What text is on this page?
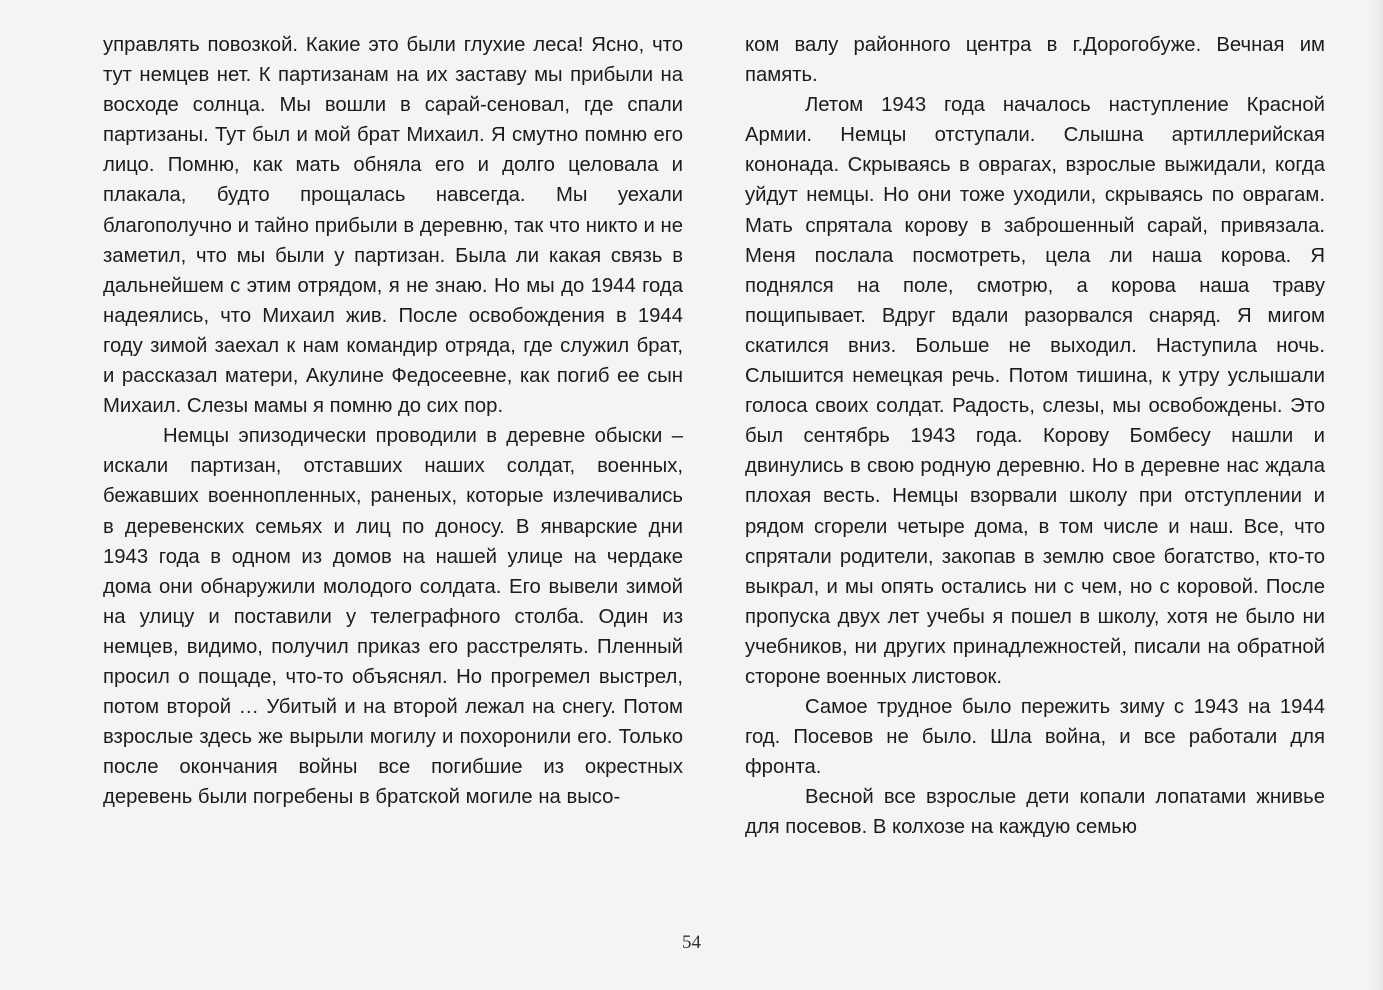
управлять повозкой. Какие это были глухие леса! Ясно, что тут немцев нет. К партизанам на их заставу мы прибыли на восходе солнца. Мы вошли в сарай-сеновал, где спали партизаны. Тут был и мой брат Михаил. Я смутно помню его лицо. Помню, как мать обняла его и долго целовала и плакала, будто прощалась навсегда. Мы уехали благополучно и тайно прибыли в деревню, так что никто и не заметил, что мы были у партизан. Была ли какая связь в дальнейшем с этим отрядом, я не знаю. Но мы до 1944 года надеялись, что Михаил жив. После освобождения в 1944 году зимой заехал к нам командир отряда, где служил брат, и рассказал матери, Акулине Федосеевне, как погиб ее сын Михаил. Слезы мамы я помню до сих пор.

Немцы эпизодически проводили в деревне обыски – искали партизан, отставших наших солдат, военных, бежавших военнопленных, раненых, которые излечивались в деревенских семьях и лиц по доносу. В январские дни 1943 года в одном из домов на нашей улице на чердаке дома они обнаружили молодого солдата. Его вывели зимой на улицу и поставили у телеграфного столба. Один из немцев, видимо, получил приказ его расстрелять. Пленный просил о пощаде, что-то объяснял. Но прогремел выстрел, потом второй … Убитый и на второй лежал на снегу. Потом взрослые здесь же вырыли могилу и похоронили его. Только после окончания войны все погибшие из окрестных деревень были погребены в братской могиле на высо-

ком валу районного центра в г.Дорогобуже. Вечная им память.

Летом 1943 года началось наступление Красной Армии. Немцы отступали. Слышна артиллерийская кононада. Скрываясь в оврагах, взрослые выжидали, когда уйдут немцы. Но они тоже уходили, скрываясь по оврагам. Мать спрятала корову в заброшенный сарай, привязала. Меня послала посмотреть, цела ли наша корова. Я поднялся на поле, смотрю, а корова наша траву пощипывает. Вдруг вдали разорвался снаряд. Я мигом скатился вниз. Больше не выходил. Наступила ночь. Слышится немецкая речь. Потом тишина, к утру услышали голоса своих солдат. Радость, слезы, мы освобождены. Это был сентябрь 1943 года. Корову Бомбесу нашли и двинулись в свою родную деревню. Но в деревне нас ждала плохая весть. Немцы взорвали школу при отступлении и рядом сгорели четыре дома, в том числе и наш. Все, что спрятали родители, закопав в землю свое богатство, кто-то выкрал, и мы опять остались ни с чем, но с коровой. После пропуска двух лет учебы я пошел в школу, хотя не было ни учебников, ни других принадлежностей, писали на обратной стороне военных листовок.

Самое трудное было пережить зиму с 1943 на 1944 год. Посевов не было. Шла война, и все работали для фронта.

Весной все взрослые дети копали лопатами жнивье для посевов. В колхозе на каждую семью

54
